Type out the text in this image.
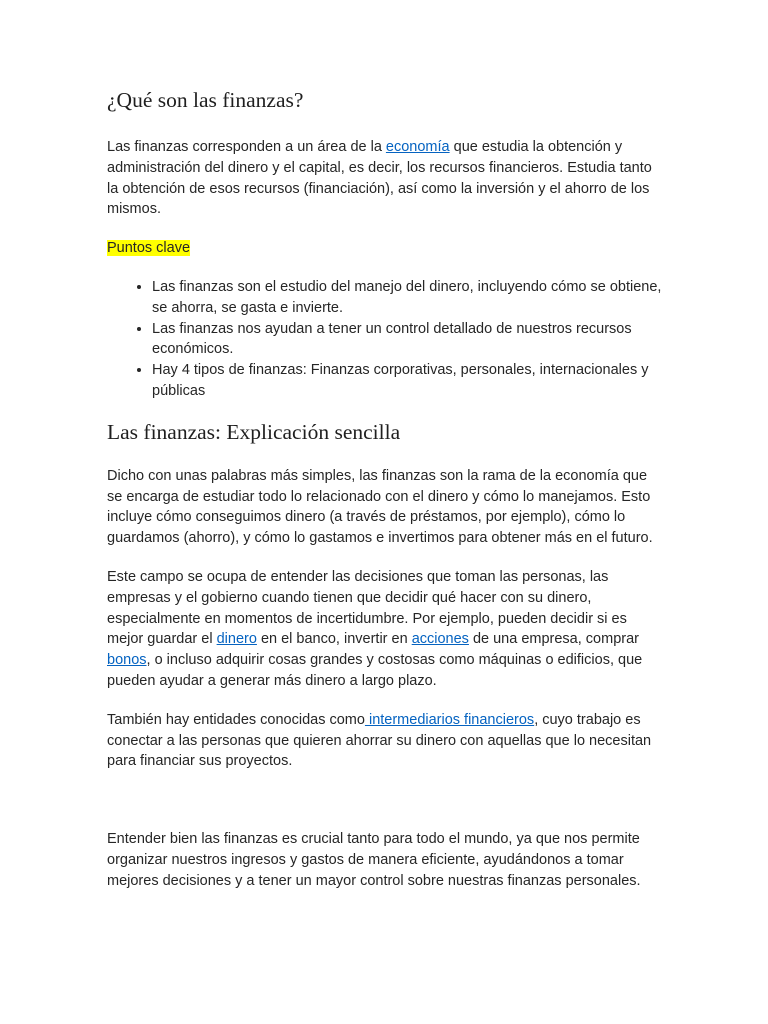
¿Qué son las finanzas?

Las finanzas corresponden a un área de la economía que estudia la obtención y administración del dinero y el capital, es decir, los recursos financieros. Estudia tanto la obtención de esos recursos (financiación), así como la inversión y el ahorro de los mismos.

Puntos clave

• Las finanzas son el estudio del manejo del dinero, incluyendo cómo se obtiene, se ahorra, se gasta e invierte.
• Las finanzas nos ayudan a tener un control detallado de nuestros recursos económicos.
• Hay 4 tipos de finanzas: Finanzas corporativas, personales, internacionales y públicas
Las finanzas: Explicación sencilla

Dicho con unas palabras más simples, las finanzas son la rama de la economía que se encarga de estudiar todo lo relacionado con el dinero y cómo lo manejamos. Esto incluye cómo conseguimos dinero (a través de préstamos, por ejemplo), cómo lo guardamos (ahorro), y cómo lo gastamos e invertimos para obtener más en el futuro.

Este campo se ocupa de entender las decisiones que toman las personas, las empresas y el gobierno cuando tienen que decidir qué hacer con su dinero, especialmente en momentos de incertidumbre. Por ejemplo, pueden decidir si es mejor guardar el dinero en el banco, invertir en acciones de una empresa, comprar bonos, o incluso adquirir cosas grandes y costosas como máquinas o edificios, que pueden ayudar a generar más dinero a largo plazo.

También hay entidades conocidas como intermediarios financieros, cuyo trabajo es conectar a las personas que quieren ahorrar su dinero con aquellas que lo necesitan para financiar sus proyectos.

Entender bien las finanzas es crucial tanto para todo el mundo, ya que nos permite organizar nuestros ingresos y gastos de manera eficiente, ayudándonos a tomar mejores decisiones y a tener un mayor control sobre nuestras finanzas personales.
